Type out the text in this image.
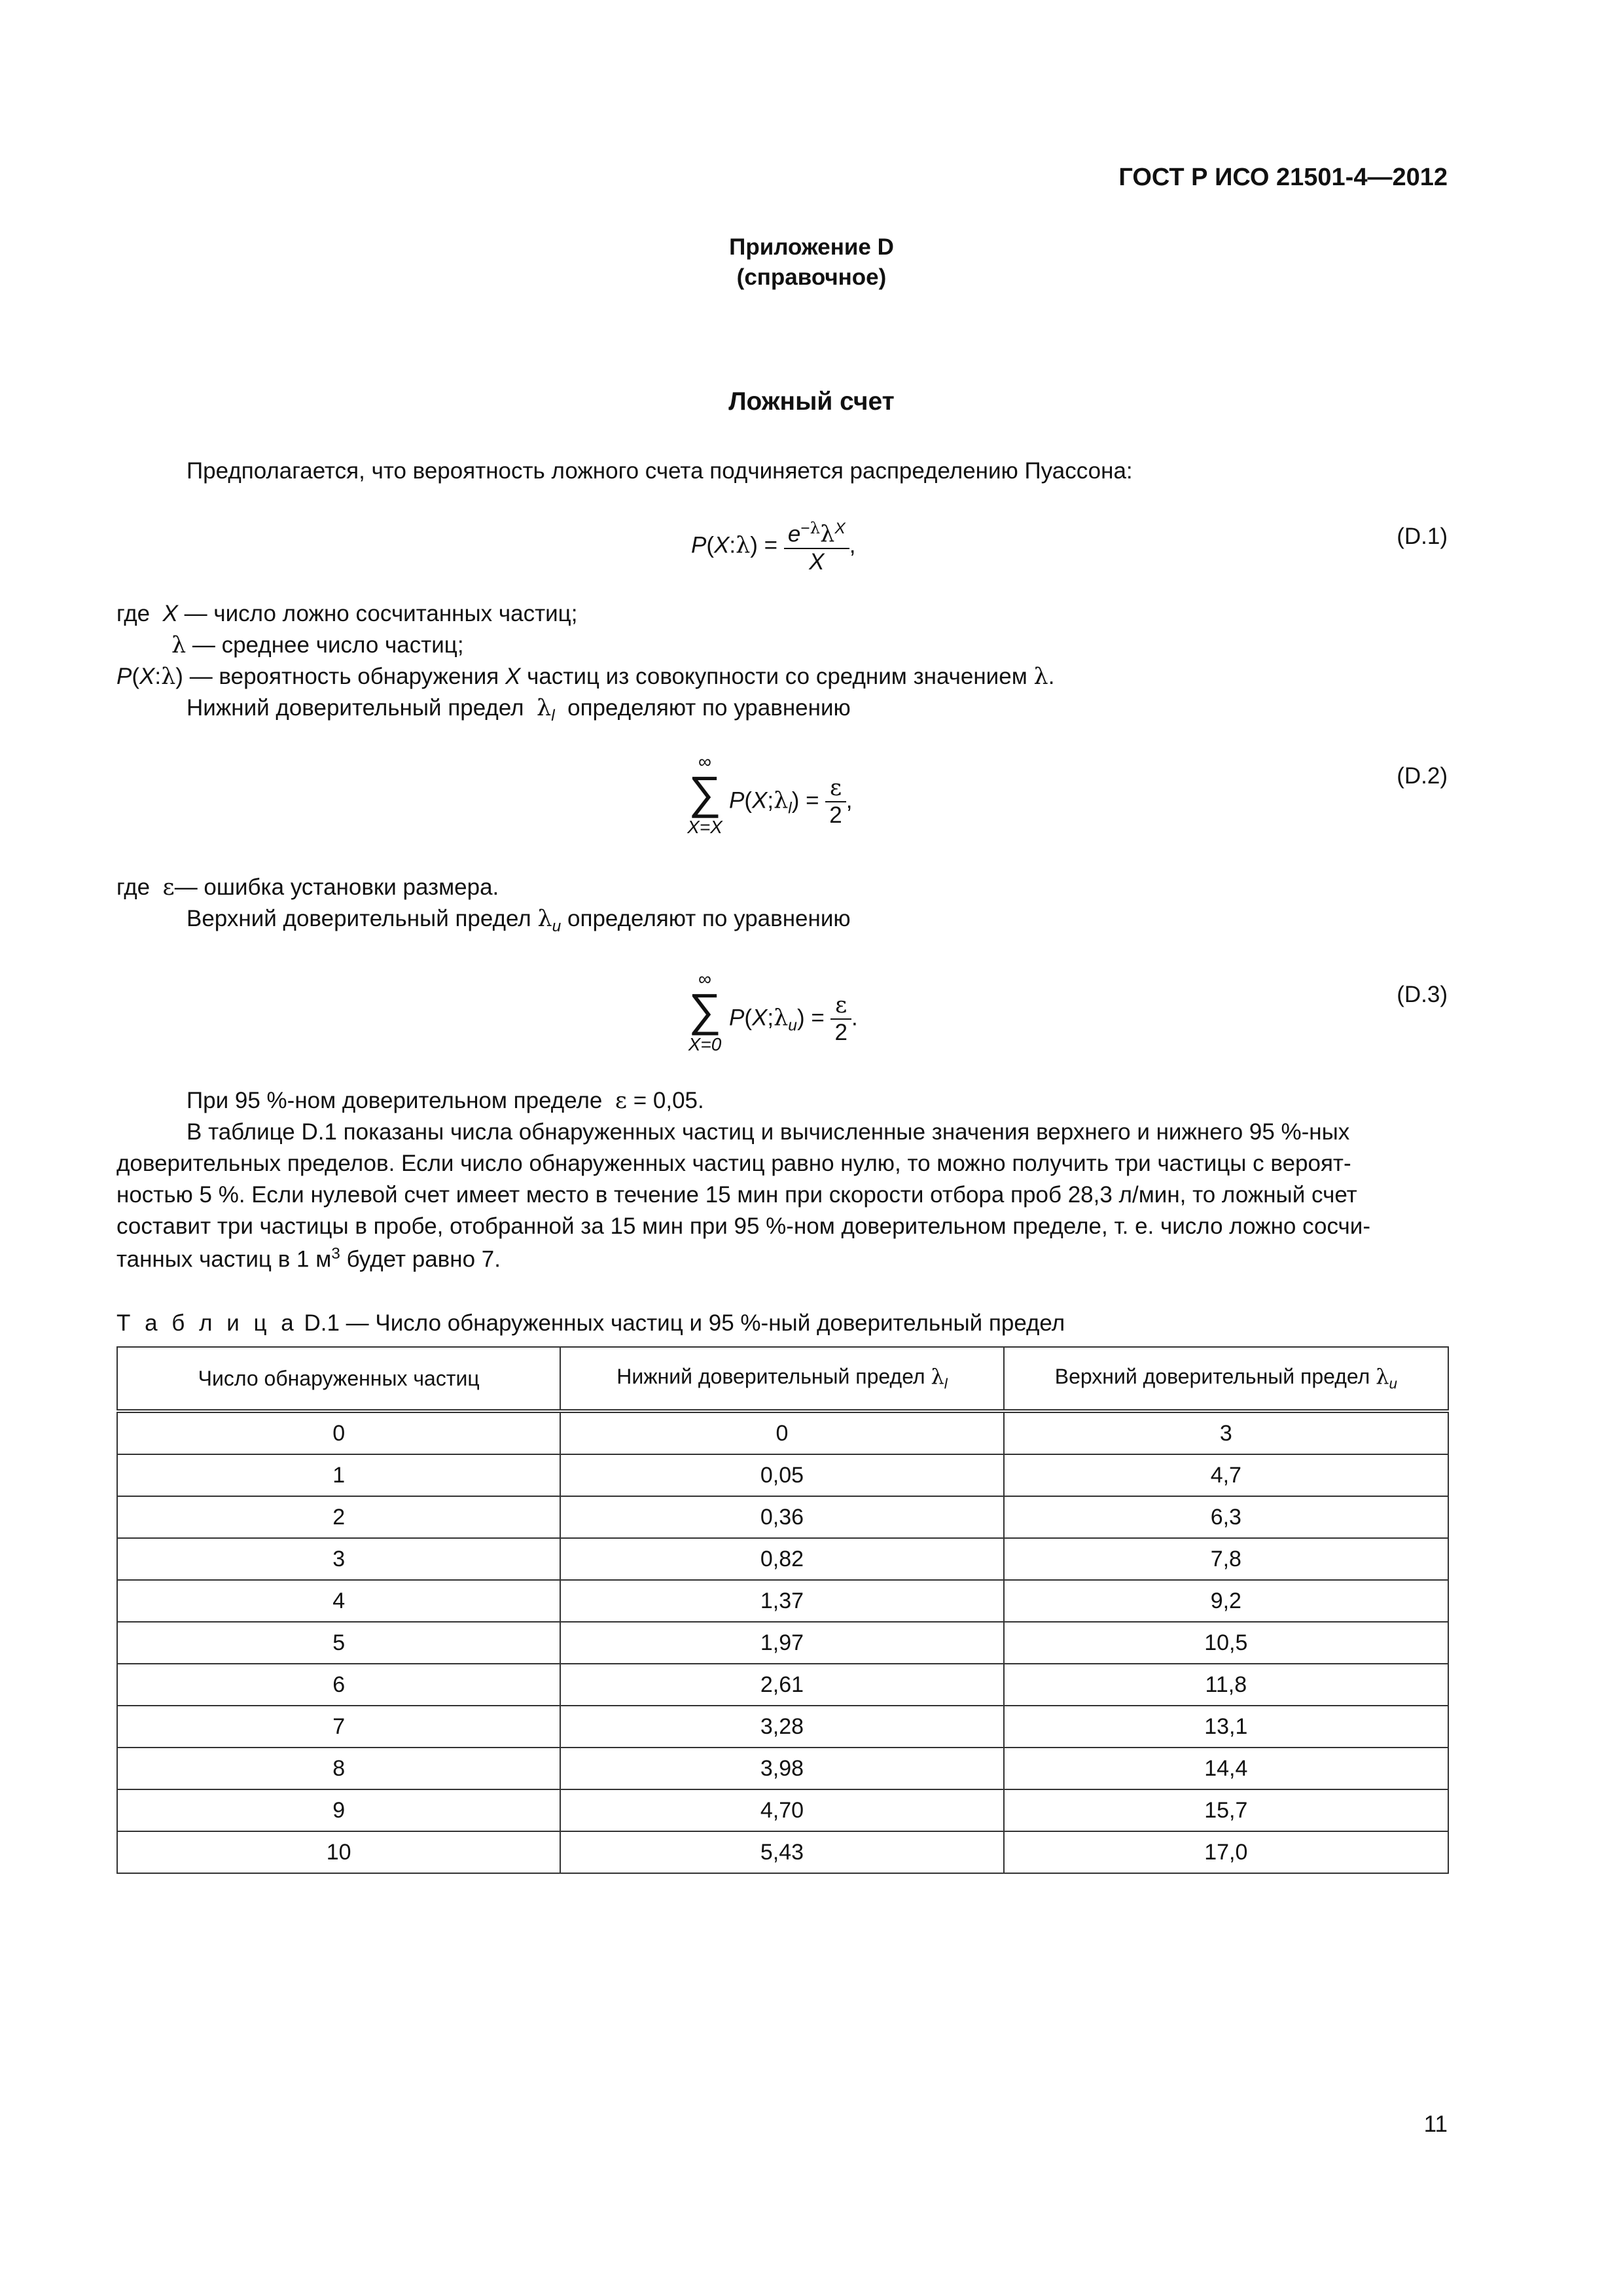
ГОСТ Р ИСО 21501-4—2012
Приложение D
(справочное)
Ложный счет
Предполагается, что вероятность ложного счета подчиняется распределению Пуассона:
P(X:λ) = $\frac{e^{-\lambda}\lambda^X}{X}$ ,	(D.1)
где X — число ложно сосчитанных частиц;
λ — среднее число частиц;
P(X:λ) — вероятность обнаружения X частиц из совокупности со средним значением λ.
Нижний доверительный предел $\lambda_l$ определяют по уравнению
∞
∑
X=X
$P(X;\lambda_l) = \frac{\varepsilon}{2}$ ,
(D.2)
где ε— ошибка установки размера.
Верхний доверительный предел $\lambda_u$ определяют по уравнению
∞
∑
X=0
$P(X;\lambda_u) = \frac{\varepsilon}{2}$ .
(D.3)
При 95 %-ном доверительном пределе ε = 0,05.
В таблице D.1 показаны числа обнаруженных частиц и вычисленные значения верхнего и нижнего 95 %-ных
доверительных пределов. Если число обнаруженных частиц равно нулю, то можно получить три частицы с вероят-
ностью 5 %. Если нулевой счет имеет место в течение 15 мин при скорости отбора проб 28,3 л/мин, то ложный счет
составит три частицы в пробе, отобранной за 15 мин при 95 %-ном доверительном пределе, т. е. число ложно сосчи-
танных частиц в 1 $м^3$ будет равно 7.
Т а б л и ц а D.1 — Число обнаруженных частиц и 95 %-ный доверительный предел
Число обнаруженных частиц	Нижний доверительный предел $\lambda_l$	Верхний доверительный предел $\lambda_u$
0	0	3
1	0,05	4,7
2	0,36	6,3
3	0,82	7,8
4	1,37	9,2
5	1,97	10,5
6	2,61	11,8
7	3,28	13,1
8	3,98	14,4
9	4,70	15,7
10	5,43	17,0
11
